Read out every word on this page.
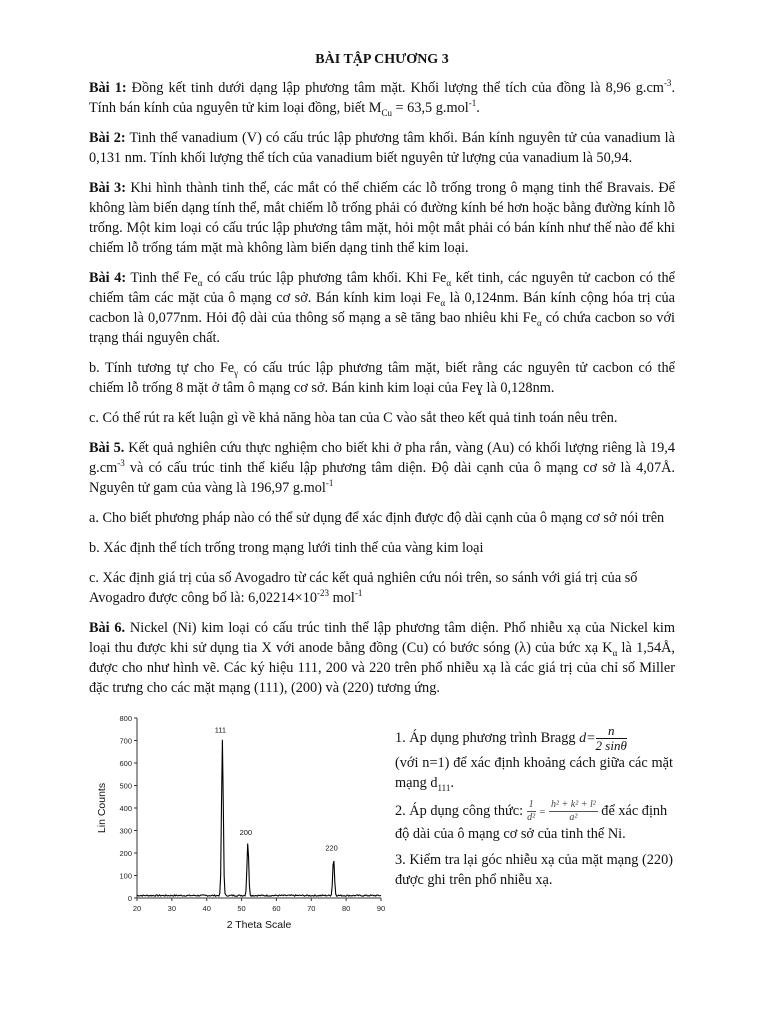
BÀI TẬP CHƯƠNG 3

Bài 1: Đồng kết tinh dưới dạng lập phương tâm mặt. Khối lượng thể tích của đồng là 8,96 $g.cm^{-3}$. Tính bán kính của nguyên tử kim loại đồng, biết $M_{Cu} = 63,5$ g.mol$^{-1}$.

Bài 2: Tinh thể vanadium (V) có cấu trúc lập phương tâm khối. Bán kính nguyên tử của vanadium là 0,131 nm. Tính khối lượng thể tích của vanadium biết nguyên tử lượng của vanadium là 50,94.

Bài 3: Khi hình thành tinh thể, các mắt có thể chiếm các lỗ trống trong ô mạng tinh thể Bravais. Để không làm biến dạng tính thể, mắt chiếm lỗ trống phải có đường kính bé hơn hoặc bằng đường kính lỗ trống. Một kim loại có cấu trúc lập phương tâm mặt, hỏi một mắt phải có bán kính như thế nào để khi chiếm lỗ trống tám mặt mà không làm biến dạng tinh thể kim loại.

Bài 4: Tinh thể $Fe_\alpha$ có cấu trúc lập phương tâm khối. Khi $Fe_\alpha$ kết tinh, các nguyên tử cacbon có thể chiếm tâm các mặt của ô mạng cơ sở. Bán kính kim loại $Fe_\alpha$ là 0,124nm. Bán kính cộng hóa trị của cacbon là 0,077nm. Hỏi độ dài của thông số mạng a sẽ tăng bao nhiêu khi $Fe_\alpha$ có chứa cacbon so với trạng thái nguyên chất.

b. Tính tương tự cho $Fe_\gamma$ có cấu trúc lập phương tâm mặt, biết rằng các nguyên tử cacbon có thể chiếm lỗ trống 8 mặt ở tâm ô mạng cơ sở. Bán kinh kim loại của Feɣ là 0,128nm.

c. Có thể rút ra kết luận gì về khả năng hòa tan của C vào sắt theo kết quả tinh toán nêu trên.

Bài 5. Kết quả nghiên cứu thực nghiệm cho biết khi ở pha rắn, vàng (Au) có khối lượng riêng là 19,4 $g.cm^{-3}$ và có cấu trúc tinh thể kiểu lập phương tâm diện. Độ dài cạnh của ô mạng cơ sở là 4,07Å. Nguyên tử gam của vàng là 196,97 g.mol$^{-1}$

a. Cho biết phương pháp nào có thể sử dụng để xác định được độ dài cạnh của ô mạng cơ sở nói trên

b. Xác định thể tích trống trong mạng lưới tinh thể của vàng kim loại

c. Xác định giá trị của số Avogadro từ các kết quả nghiên cứu nói trên, so sánh với giá trị của số Avogadro được công bố là: $6,02214\times 10^{-23}$ mol$^{-1}$

Bài 6. Nickel (Ni) kim loại có cấu trúc tinh thể lập phương tâm diện. Phổ nhiễu xạ của Nickel kim loại thu được khi sử dụng tia X với anode bằng đồng (Cu) có bước sóng (λ) của bức xạ $K_\alpha$ là 1,54Å, được cho như hình vẽ. Các ký hiệu 111, 200 và 220 trên phổ nhiễu xạ là các giá trị của chỉ số Miller đặc trưng cho các mặt mạng (111), (200) và (220) tương ứng.

0
100
200
300
400
500
600
700
800
20	30	40	50	60	70	80	90
2 Theta Scale
Lin Counts
111
200
220

1. Áp dụng phương trình Bragg $d= \frac{n}{2 \sin\theta}$

(với n=1) để xác định khoảng cách giữa các mặt mạng $d_{111}$.

2. Áp dụng công thức: $\frac{1}{\text{d²}} = \frac{\text{h² + k² + l²}}{\text{a²}}$ để xác định độ dài của ô mạng cơ sở của tinh thể Ni.

3. Kiểm tra lại góc nhiễu xạ của mặt mạng (220) được ghi trên phổ nhiễu xạ.
